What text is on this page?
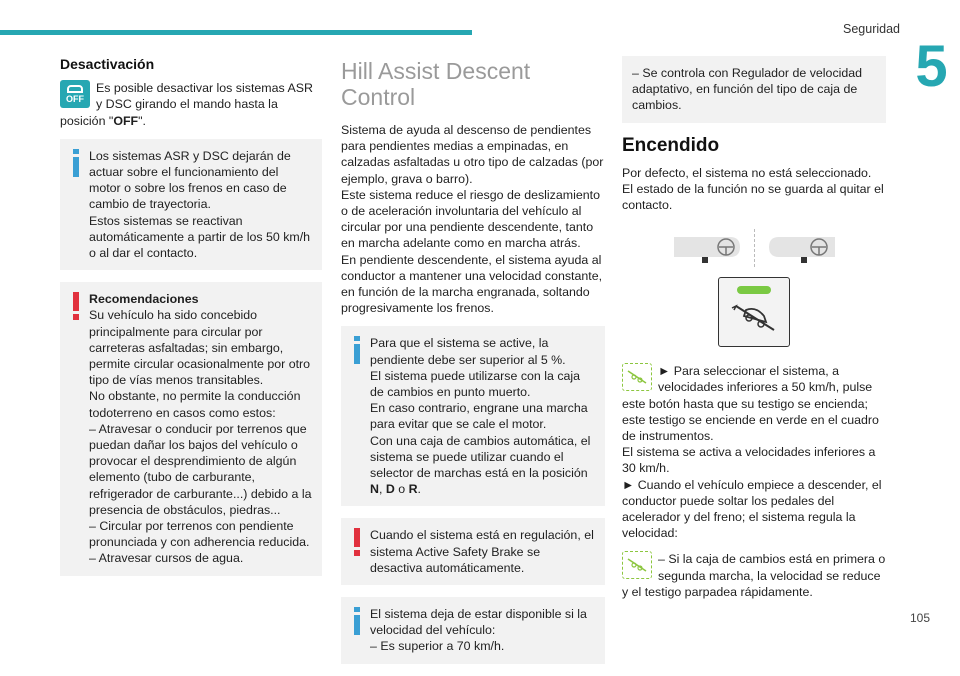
Seguridad
5
Desactivación
OFF
Es posible desactivar los sistemas ASR y DSC girando el mando hasta la posición "OFF".
Los sistemas ASR y DSC dejarán de actuar sobre el funcionamiento del motor o sobre los frenos en caso de cambio de trayectoria.
Estos sistemas se reactivan automáticamente a partir de los 50 km/h o al dar el contacto.
Recomendaciones
Su vehículo ha sido concebido principalmente para circular por carreteras asfaltadas; sin embargo, permite circular ocasionalmente por otro tipo de vías menos transitables.
No obstante, no permite la conducción todoterreno en casos como estos:
– Atravesar o conducir por terrenos que puedan dañar los bajos del vehículo o provocar el desprendimiento de algún elemento (tubo de carburante, refrigerador de carburante...) debido a la presencia de obstáculos, piedras...
– Circular por terrenos con pendiente pronunciada y con adherencia reducida.
– Atravesar cursos de agua.
Hill Assist Descent Control

Sistema de ayuda al descenso de pendientes para pendientes medias a empinadas, en calzadas asfaltadas u otro tipo de calzadas (por ejemplo, grava o barro).
Este sistema reduce el riesgo de deslizamiento o de aceleración involuntaria del vehículo al circular por una pendiente descendente, tanto en marcha adelante como en marcha atrás.
En pendiente descendente, el sistema ayuda al conductor a mantener una velocidad constante, en función de la marcha engranada, soltando progresivamente los frenos.

Para que el sistema se active, la pendiente debe ser superior al 5 %.
El sistema puede utilizarse con la caja de cambios en punto muerto.
En caso contrario, engrane una marcha para evitar que se cale el motor.
Con una caja de cambios automática, el sistema se puede utilizar cuando el selector de marchas está en la posición N, D o R.
Cuando el sistema está en regulación, el sistema Active Safety Brake se desactiva automáticamente.
El sistema deja de estar disponible si la velocidad del vehículo:
– Es superior a 70 km/h.
– Se controla con Regulador de velocidad adaptativo, en función del tipo de caja de cambios.
Encendido

Por defecto, el sistema no está seleccionado.
El estado de la función no se guarda al quitar el contacto.

► Para seleccionar el sistema, a velocidades inferiores a 50 km/h, pulse este botón hasta que su testigo se encienda; este testigo se enciende en verde en el cuadro de instrumentos.
El sistema se activa a velocidades inferiores a 30 km/h.
► Cuando el vehículo empiece a descender, el conductor puede soltar los pedales del acelerador y del freno; el sistema regula la velocidad:
– Si la caja de cambios está en primera o segunda marcha, la velocidad se reduce y el testigo parpadea rápidamente.
105
